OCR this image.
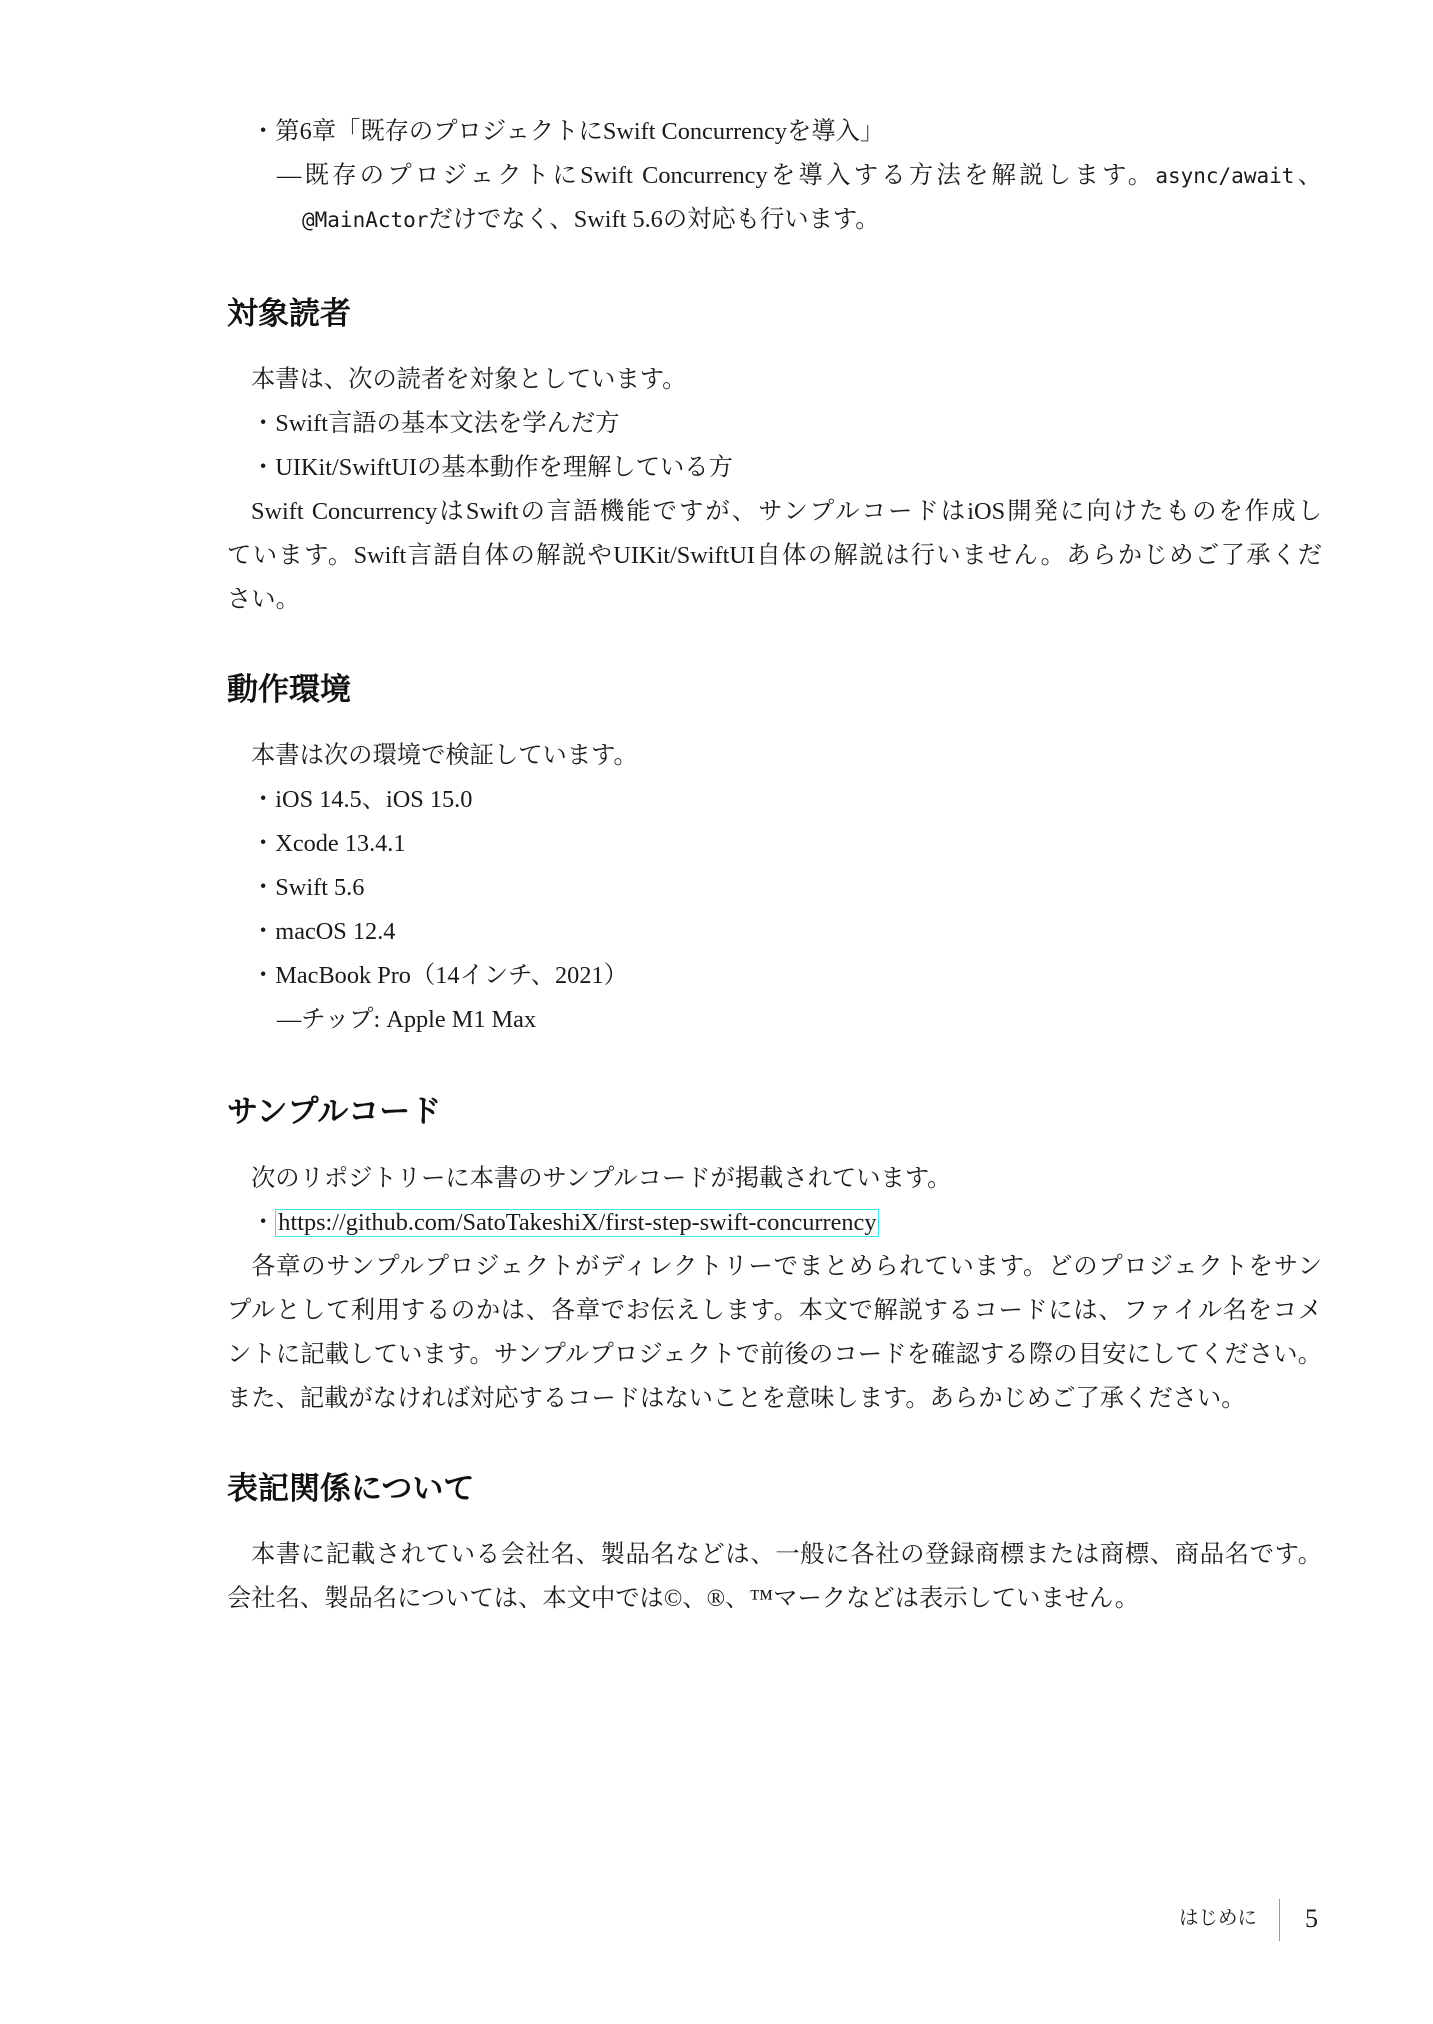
・第6章「既存のプロジェクトにSwift Concurrencyを導入」
—既存のプロジェクトにSwift Concurrencyを導入する方法を解説します。async/await、
@MainActorだけでなく、Swift 5.6の対応も行います。
対象読者
本書は、次の読者を対象としています。
・Swift言語の基本文法を学んだ方
・UIKit/SwiftUIの基本動作を理解している方
Swift ConcurrencyはSwiftの言語機能ですが、サンプルコードはiOS開発に向けたものを作成し
ています。Swift言語自体の解説やUIKit/SwiftUI自体の解説は行いません。あらかじめご了承くだ
さい。
動作環境
本書は次の環境で検証しています。
・iOS 14.5、iOS 15.0
・Xcode 13.4.1
・Swift 5.6
・macOS 12.4
・MacBook Pro（14インチ、2021）
—チップ: Apple M1 Max
サンプルコード
次のリポジトリーに本書のサンプルコードが掲載されています。
・ https://github.com/SatoTakeshiX/first-step-swift-concurrency
各章のサンプルプロジェクトがディレクトリーでまとめられています。どのプロジェクトをサン
プルとして利用するのかは、各章でお伝えします。本文で解説するコードには、ファイル名をコメ
ントに記載しています。サンプルプロジェクトで前後のコードを確認する際の目安にしてください。
また、記載がなければ対応するコードはないことを意味します。あらかじめご了承ください。
表記関係について
本書に記載されている会社名、製品名などは、一般に各社の登録商標または商標、商品名です。
会社名、製品名については、本文中では©、®、™マークなどは表示していません。
はじめに 5
